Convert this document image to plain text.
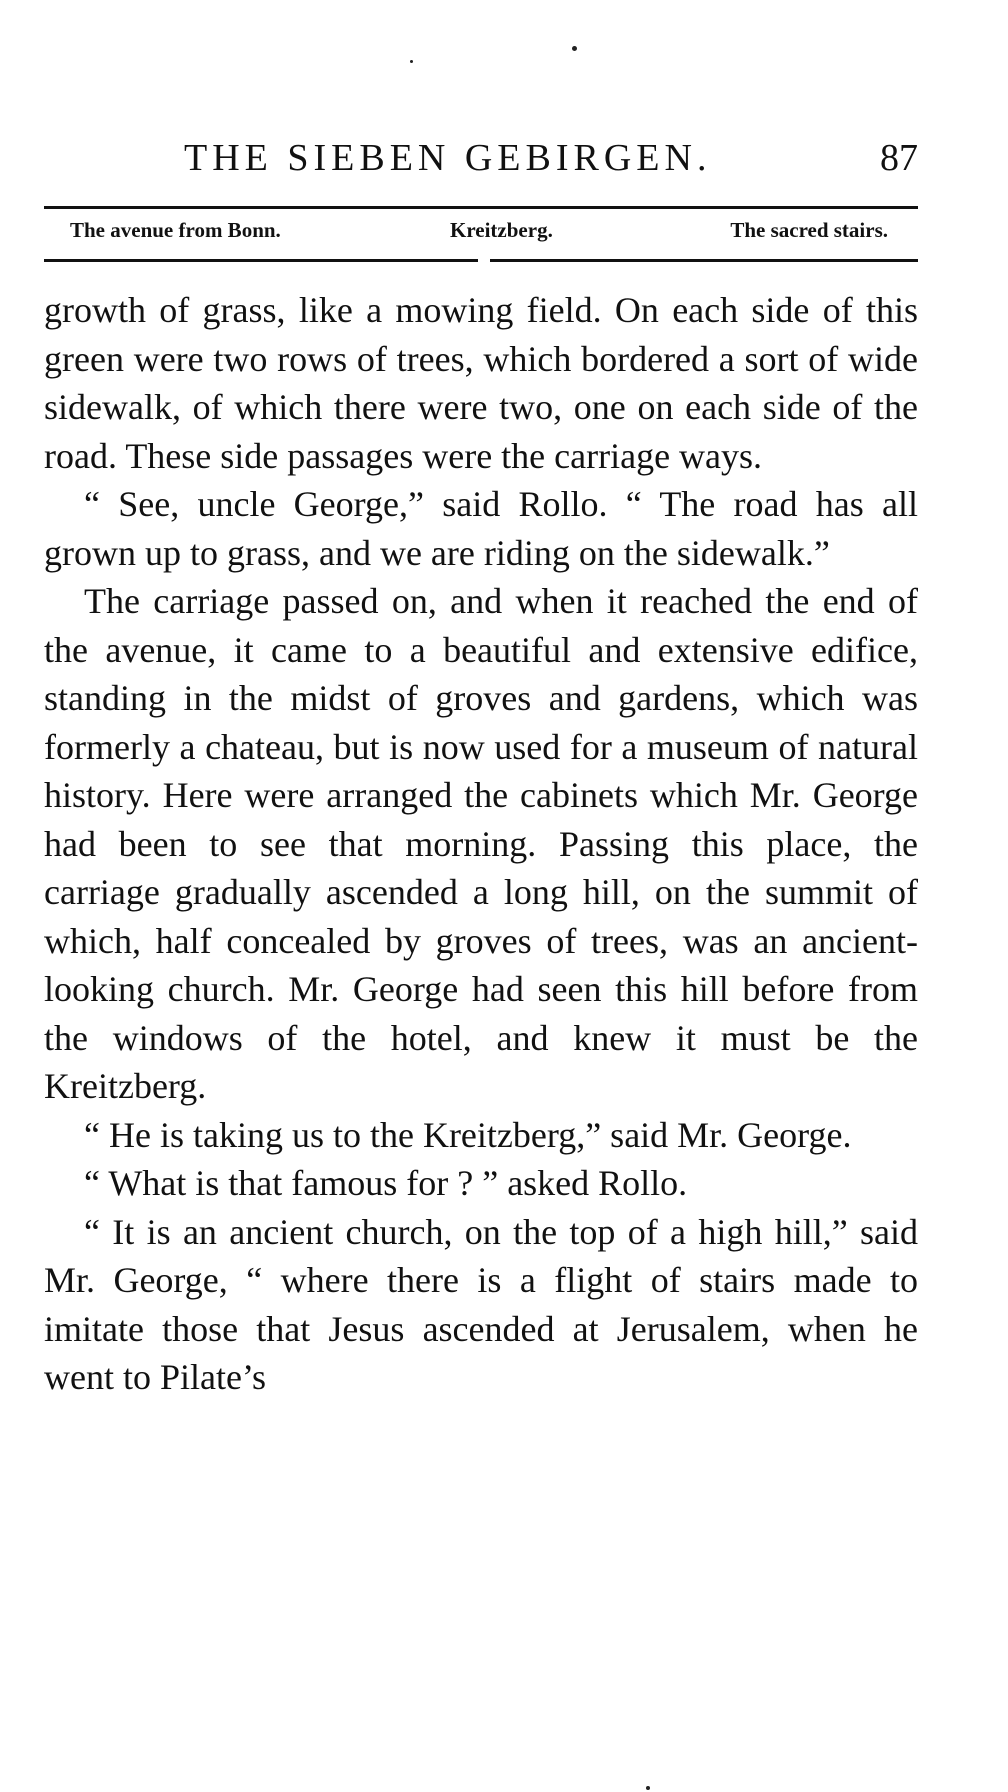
THE SIEBEN GEBIRGEN.	87
The avenue from Bonn.	Kreitzberg.	The sacred stairs.

growth of grass, like a mowing field. On each side of this green were two rows of trees, which bordered a sort of wide sidewalk, of which there were two, one on each side of the road. These side passages were the carriage ways.

“ See, uncle George,” said Rollo. “ The road has all grown up to grass, and we are riding on the sidewalk.”

The carriage passed on, and when it reached the end of the avenue, it came to a beautiful and extensive edifice, standing in the midst of groves and gardens, which was formerly a chateau, but is now used for a museum of natural history. Here were arranged the cabinets which Mr. George had been to see that morning. Passing this place, the carriage gradually ascended a long hill, on the summit of which, half concealed by groves of trees, was an ancient-looking church. Mr. George had seen this hill before from the windows of the hotel, and knew it must be the Kreitzberg.

“ He is taking us to the Kreitzberg,” said Mr. George.

“ What is that famous for ? ” asked Rollo.

“ It is an ancient church, on the top of a high hill,” said Mr. George, “ where there is a flight of stairs made to imitate those that Jesus ascended at Jerusalem, when he went to Pilate’s
